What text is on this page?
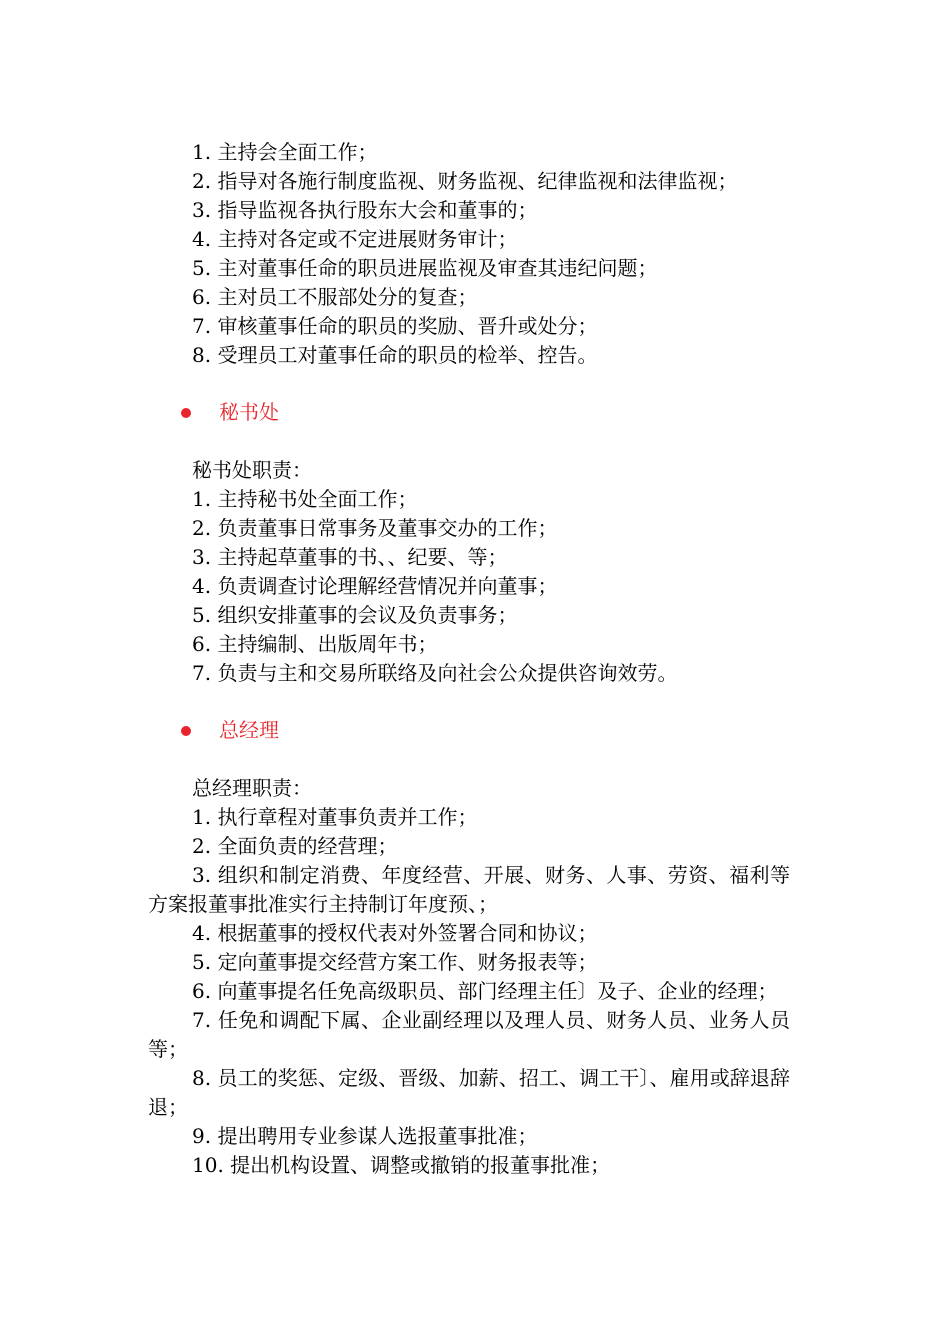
1. 主持会全面工作；
2. 指导对各施行制度监视、财务监视、纪律监视和法律监视；
3. 指导监视各执行股东大会和董事的；
4. 主持对各定或不定进展财务审计；
5. 主对董事任命的职员进展监视及审查其违纪问题；
6. 主对员工不服部处分的复查；
7. 审核董事任命的职员的奖励、晋升或处分；
8. 受理员工对董事任命的职员的检举、控告。
秘书处
秘书处职责：
1. 主持秘书处全面工作；
2. 负责董事日常事务及董事交办的工作；
3. 主持起草董事的书、、纪要、等；
4. 负责调查讨论理解经营情况并向董事；
5. 组织安排董事的会议及负责事务；
6. 主持编制、出版周年书；
7. 负责与主和交易所联络及向社会公众提供咨询效劳。
总经理
总经理职责：
1. 执行章程对董事负责并工作；
2. 全面负责的经营理；
3. 组织和制定消费、年度经营、开展、财务、人事、劳资、福利等方案报董事批准实行主持制订年度预、；
4. 根据董事的授权代表对外签署合同和协议；
5. 定向董事提交经营方案工作、财务报表等；
6. 向董事提名任免高级职员、部门经理主任〕及子、企业的经理；
7. 任免和调配下属、企业副经理以及理人员、财务人员、业务人员等；
8. 员工的奖惩、定级、晋级、加薪、招工、调工干〕、雇用或辞退辞退；
9. 提出聘用专业参谋人选报董事批准；
10. 提出机构设置、调整或撤销的报董事批准；
